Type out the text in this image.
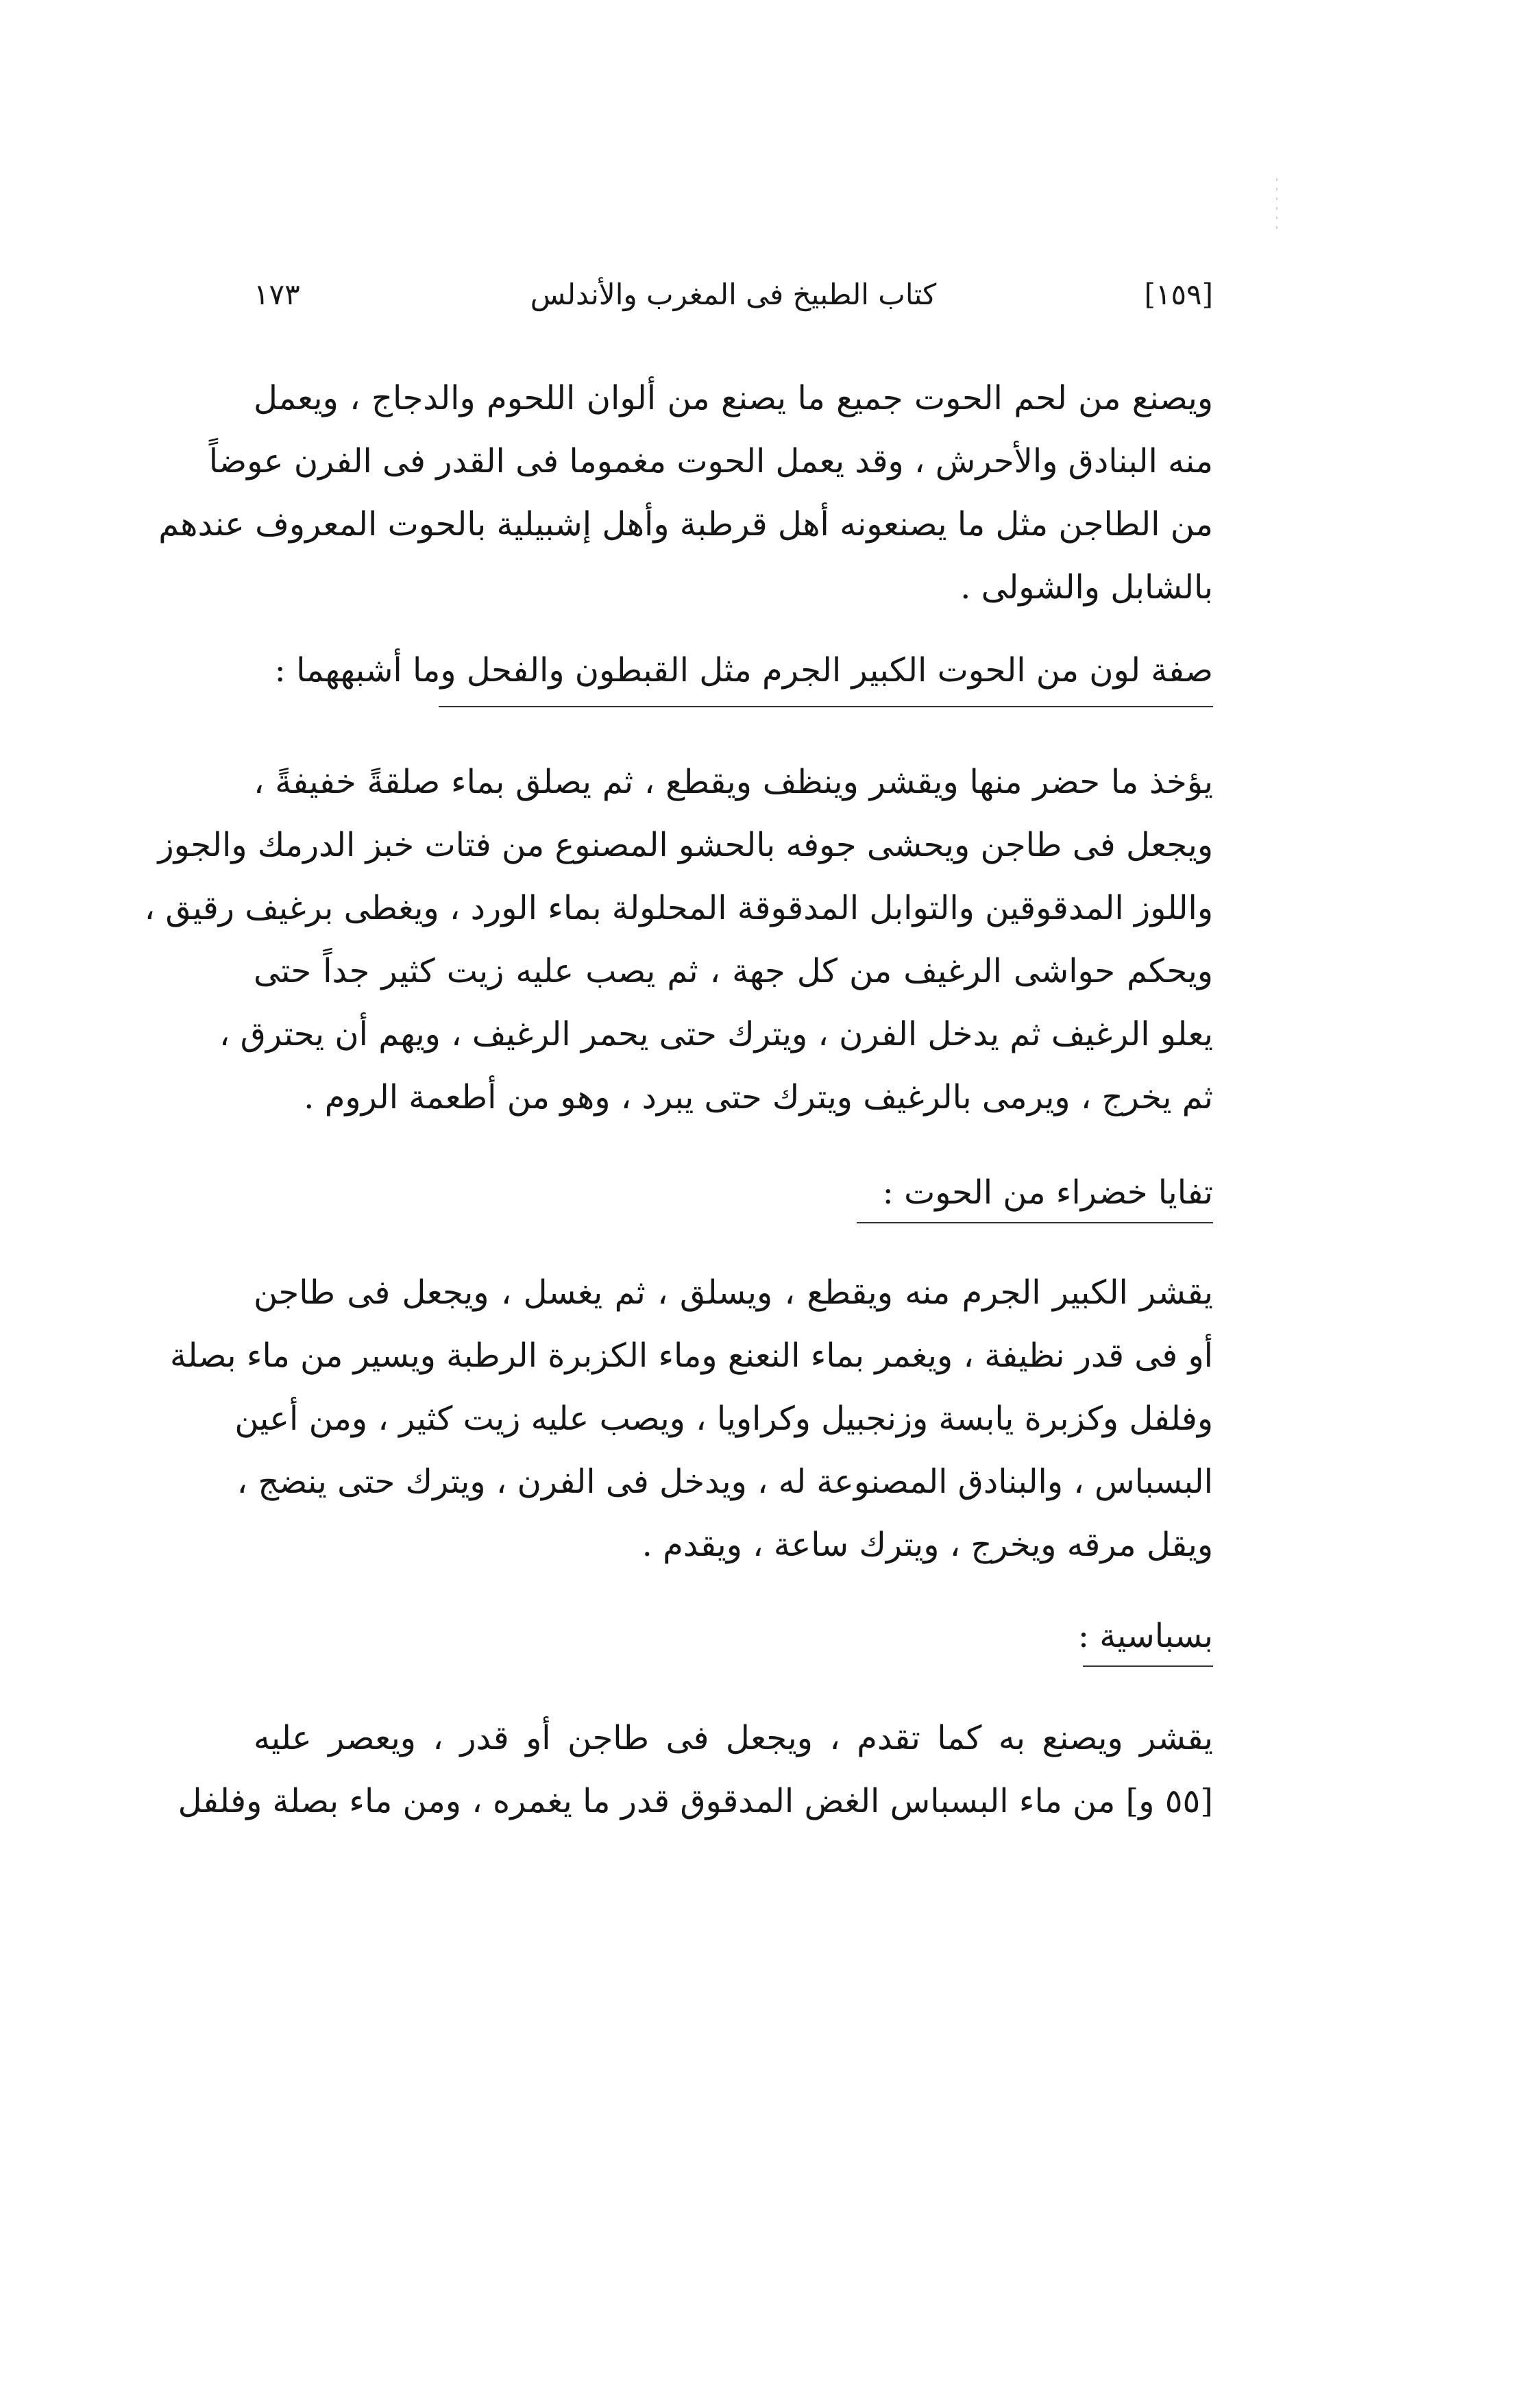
١٧٣	كتاب الطبيخ فى المغرب والأندلس	[١٥٩]
ويصنع من لحم الحوت جميع ما يصنع من ألوان اللحوم والدجاج ، ويعمل
منه البنادق والأحرش ، وقد يعمل الحوت مغموما فى القدر فى الفرن عوضاً
من الطاجن مثل ما يصنعونه أهل قرطبة وأهل إشبيلية بالحوت المعروف عندهم
بالشابل والشولى .
صفة لون من الحوت الكبير الجرم مثل القبطون والفحل وما أشبههما :
يؤخذ ما حضر منها ويقشر وينظف ويقطع ، ثم يصلق بماء صلقةً خفيفةً ،
ويجعل فى طاجن ويحشى جوفه بالحشو المصنوع من فتات خبز الدرمك والجوز
واللوز المدقوقين والتوابل المدقوقة المحلولة بماء الورد ، ويغطى برغيف رقيق ،
ويحكم حواشى الرغيف من كل جهة ، ثم يصب عليه زيت كثير جداً حتى
يعلو الرغيف ثم يدخل الفرن ، ويترك حتى يحمر الرغيف ، ويهم أن يحترق ،
ثم يخرج ، ويرمى بالرغيف ويترك حتى يبرد ، وهو من أطعمة الروم .
تفايا خضراء من الحوت :
يقشر الكبير الجرم منه ويقطع ، ويسلق ، ثم يغسل ، ويجعل فى طاجن
أو فى قدر نظيفة ، ويغمر بماء النعنع وماء الكزبرة الرطبة ويسير من ماء بصلة
وفلفل وكزبرة يابسة وزنجبيل وكراويا ، ويصب عليه زيت كثير ، ومن أعين
البسباس ، والبنادق المصنوعة له ، ويدخل فى الفرن ، ويترك حتى ينضج ،
ويقل مرقه ويخرج ، ويترك ساعة ، ويقدم .
بسباسية :
يقشر ويصنع به كما تقدم ، ويجعل فى طاجن أو قدر ، ويعصر عليه
[٥٥ و] من ماء البسباس الغض المدقوق قدر ما يغمره ، ومن ماء بصلة وفلفل
